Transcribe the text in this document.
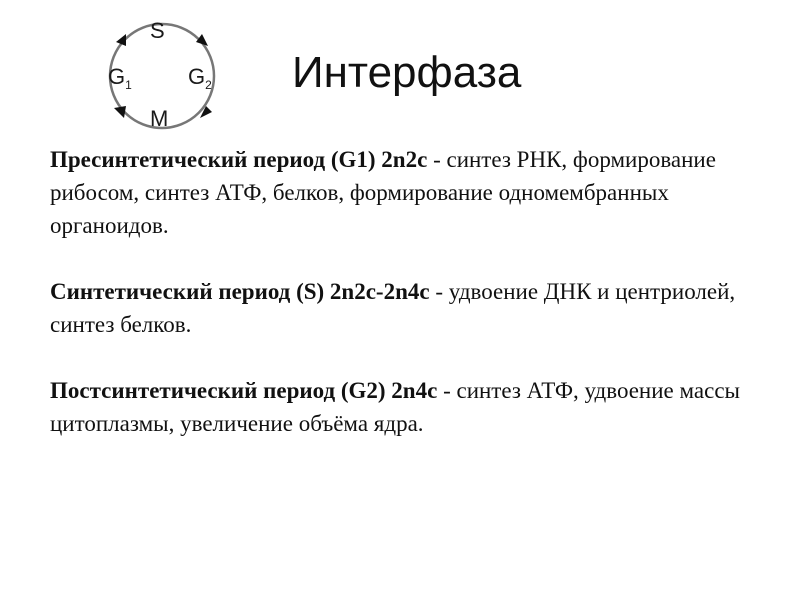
S
$G_1$	$G_2$
M
Интерфаза

Пресинтетический период (G1) 2n2c - синтез РНК, формирование рибосом, синтез АТФ, белков, формирование одномембранных органоидов.

Синтетический период (S) 2n2c-2n4c - удвоение ДНК и центриолей, синтез белков.

Постсинтетический период (G2) 2n4c - синтез АТФ, удвоение массы цитоплазмы, увеличение объёма ядра.
